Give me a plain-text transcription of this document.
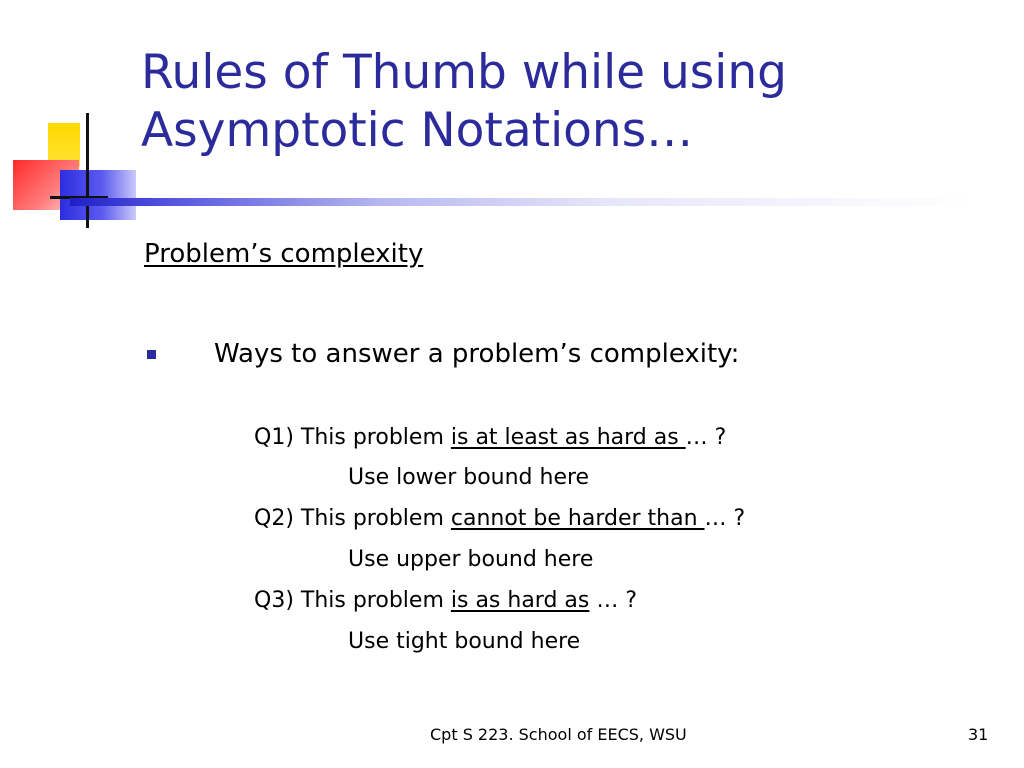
Rules of Thumb while using
Asymptotic Notations…
Problem’s complexity
Ways to answer a problem’s complexity:
Q1) This problem is at least as hard as … ?
Use lower bound here
Q2) This problem cannot be harder than … ?
Use upper bound here
Q3) This problem is as hard as … ?
Use tight bound here
Cpt S 223. School of EECS, WSU	31
